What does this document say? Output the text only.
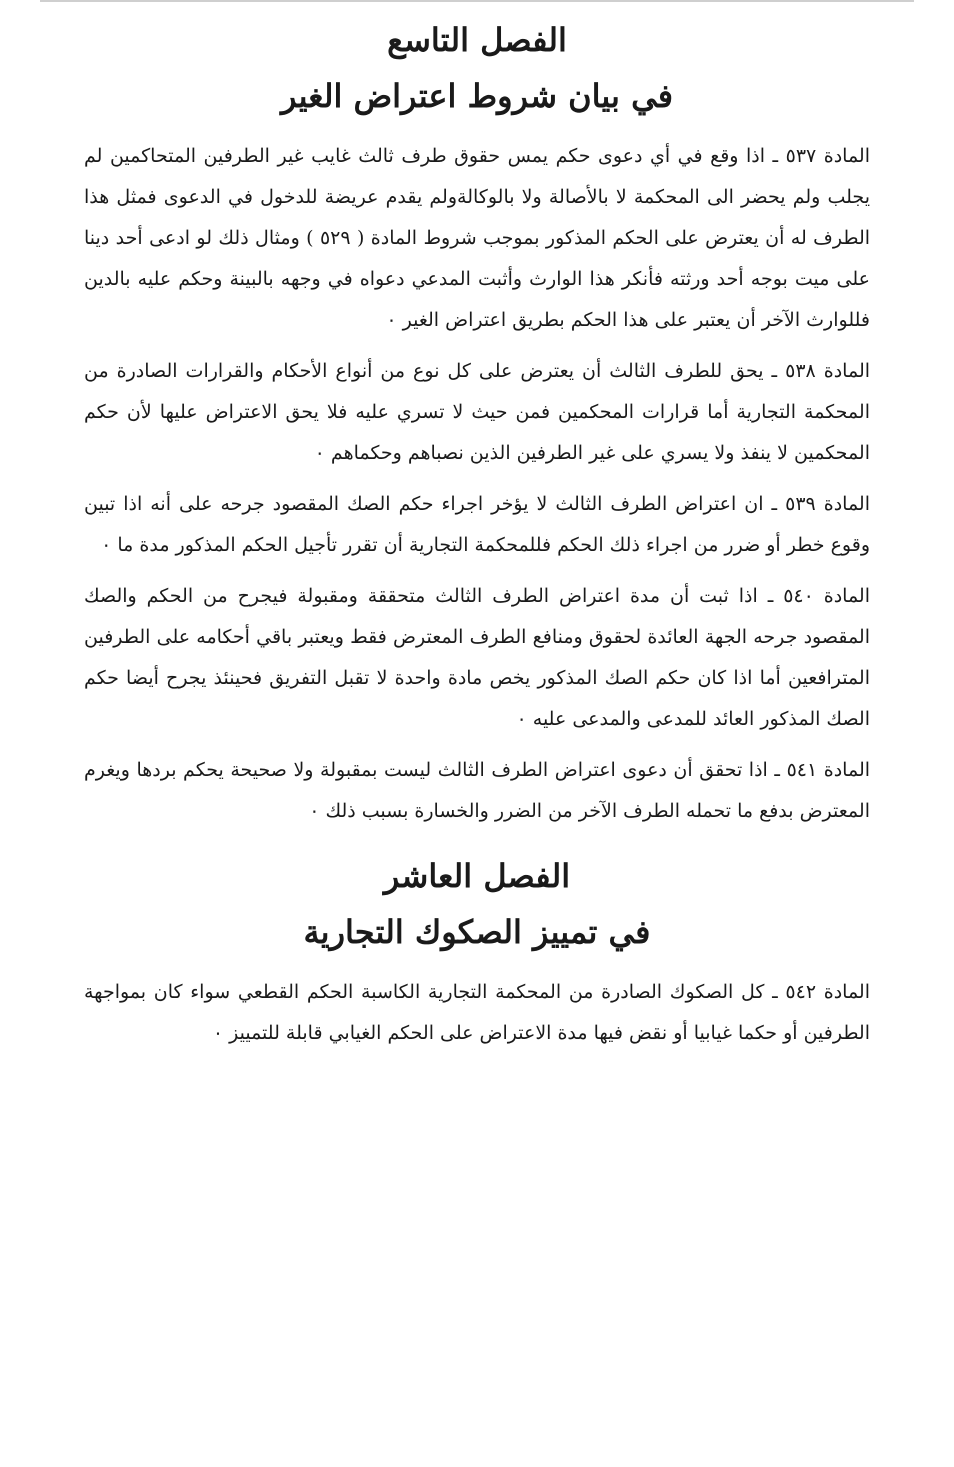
الفصل التاسع
في بيان شروط اعتراض الغير

المادة ٥٣٧ ـ اذا وقع في أي دعوى حكم يمس حقوق طرف ثالث غايب غير الطرفين المتحاكمين لم يجلب ولم يحضر الى المحكمة لا بالأصالة ولا بالوكالةولم يقدم عريضة للدخول في الدعوى فمثل هذا الطرف له أن يعترض على الحكم المذكور بموجب شروط المادة ( ٥٢٩ ) ومثال ذلك لو ادعى أحد دينا على ميت بوجه أحد ورثته فأنكر هذا الوارث وأثبت المدعي دعواه في وجهه بالبينة وحكم عليه بالدين فللوارث الآخر أن يعتبر على هذا الحكم بطريق اعتراض الغير ٠

المادة ٥٣٨ ـ يحق للطرف الثالث أن يعترض على كل نوع من أنواع الأحكام والقرارات الصادرة من المحكمة التجارية أما قرارات المحكمين فمن حيث لا تسري عليه فلا يحق الاعتراض عليها لأن حكم المحكمين لا ينفذ ولا يسري على غير الطرفين الذين نصباهم وحكماهم ٠

المادة ٥٣٩ ـ ان اعتراض الطرف الثالث لا يؤخر اجراء حكم الصك المقصود جرحه على أنه اذا تبين وقوع خطر أو ضرر من اجراء ذلك الحكم فللمحكمة التجارية أن تقرر تأجيل الحكم المذكور مدة ما ٠

المادة ٥٤٠ ـ اذا ثبت أن مدة اعتراض الطرف الثالث متحققة ومقبولة فيجرح من الحكم والصك المقصود جرحه الجهة العائدة لحقوق ومنافع الطرف المعترض فقط ويعتبر باقي أحكامه على الطرفين المترافعين أما اذا كان حكم الصك المذكور يخص مادة واحدة لا تقبل التفريق فحينئذ يجرح أيضا حكم الصك المذكور العائد للمدعى والمدعى عليه ٠

المادة ٥٤١ ـ اذا تحقق أن دعوى اعتراض الطرف الثالث ليست بمقبولة ولا صحيحة يحكم بردها ويغرم المعترض بدفع ما تحمله الطرف الآخر من الضرر والخسارة بسبب ذلك ٠

الفصل العاشر
في تمييز الصكوك التجارية

المادة ٥٤٢ ـ كل الصكوك الصادرة من المحكمة التجارية الكاسبة الحكم القطعي سواء كان بمواجهة الطرفين أو حكما غيابيا أو نقض فيها مدة الاعتراض على الحكم الغيابي قابلة للتمييز ٠
